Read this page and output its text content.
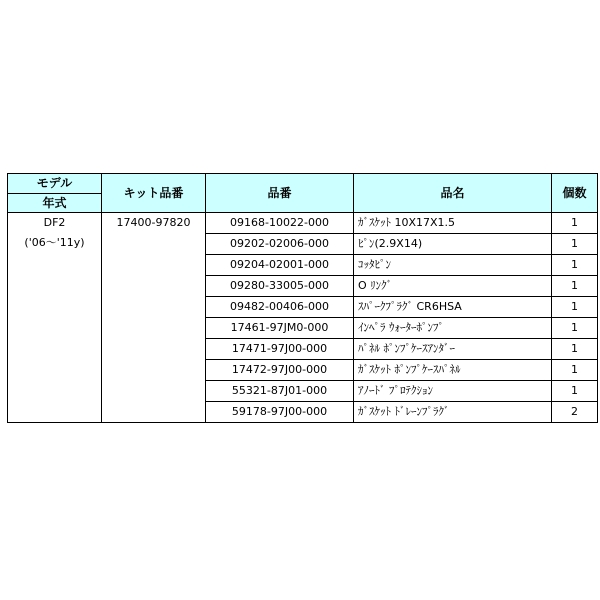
モデル	キット品番	品番	品名	個数
年式				

DF2
('06～'11y)	17400-97820	09168-10022-000	ｶﾞｽｹｯﾄ 10X17X1.5	1
		09202-02006-000	ﾋﾟﾝ(2.9X14)	1
		09204-02001-000	ｺｯﾀﾋﾟﾝ	1
		09280-33005-000	O ﾘﾝｸﾞ	1
		09482-00406-000	ｽﾊﾟｰｸﾌﾟﾗｸﾞ CR6HSA	1
		17461-97JM0-000	ｲﾝﾍﾟﾗ ｳｫｰﾀｰﾎﾟﾝﾌﾟ	1
		17471-97J00-000	ﾊﾟﾈﾙ ﾎﾟﾝﾌﾟｹｰｽｱﾝﾀﾞｰ	1
		17472-97J00-000	ｶﾞｽｹｯﾄ ﾎﾟﾝﾌﾟｹｰｽﾊﾟﾈﾙ	1
		55321-87J01-000	ｱﾉｰﾄﾞ ﾌﾟﾛﾃｸｼｮﾝ	1
		59178-97J00-000	ｶﾞｽｹｯﾄ ﾄﾞﾚｰﾝﾌﾟﾗｸﾞ	2
